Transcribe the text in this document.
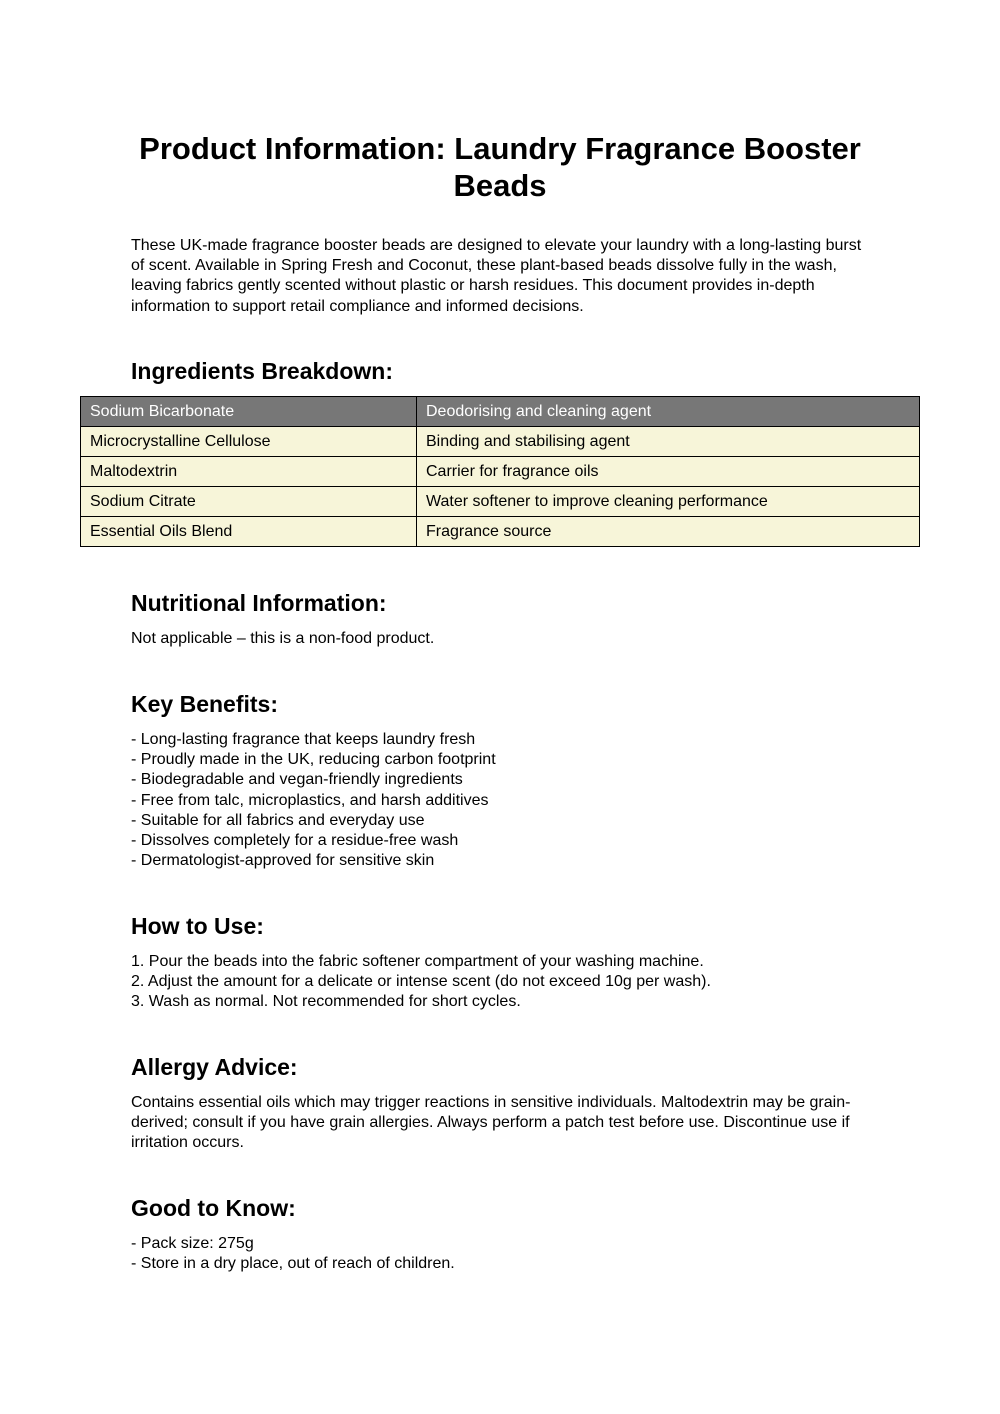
Product Information: Laundry Fragrance Booster Beads

These UK-made fragrance booster beads are designed to elevate your laundry with a long-lasting burst of scent. Available in Spring Fresh and Coconut, these plant-based beads dissolve fully in the wash, leaving fabrics gently scented without plastic or harsh residues. This document provides in-depth information to support retail compliance and informed decisions.

Ingredients Breakdown:
Sodium Bicarbonate	Deodorising and cleaning agent
Microcrystalline Cellulose	Binding and stabilising agent
Maltodextrin	Carrier for fragrance oils
Sodium Citrate	Water softener to improve cleaning performance
Essential Oils Blend	Fragrance source
Nutritional Information:

Not applicable – this is a non-food product.

Key Benefits:
- Long-lasting fragrance that keeps laundry fresh
- Proudly made in the UK, reducing carbon footprint
- Biodegradable and vegan-friendly ingredients
- Free from talc, microplastics, and harsh additives
- Suitable for all fabrics and everyday use
- Dissolves completely for a residue-free wash
- Dermatologist-approved for sensitive skin
How to Use:
1. Pour the beads into the fabric softener compartment of your washing machine.
2. Adjust the amount for a delicate or intense scent (do not exceed 10g per wash).
3. Wash as normal. Not recommended for short cycles.
Allergy Advice:

Contains essential oils which may trigger reactions in sensitive individuals. Maltodextrin may be grain-derived; consult if you have grain allergies. Always perform a patch test before use. Discontinue use if irritation occurs.

Good to Know:
- Pack size: 275g
- Store in a dry place, out of reach of children.
